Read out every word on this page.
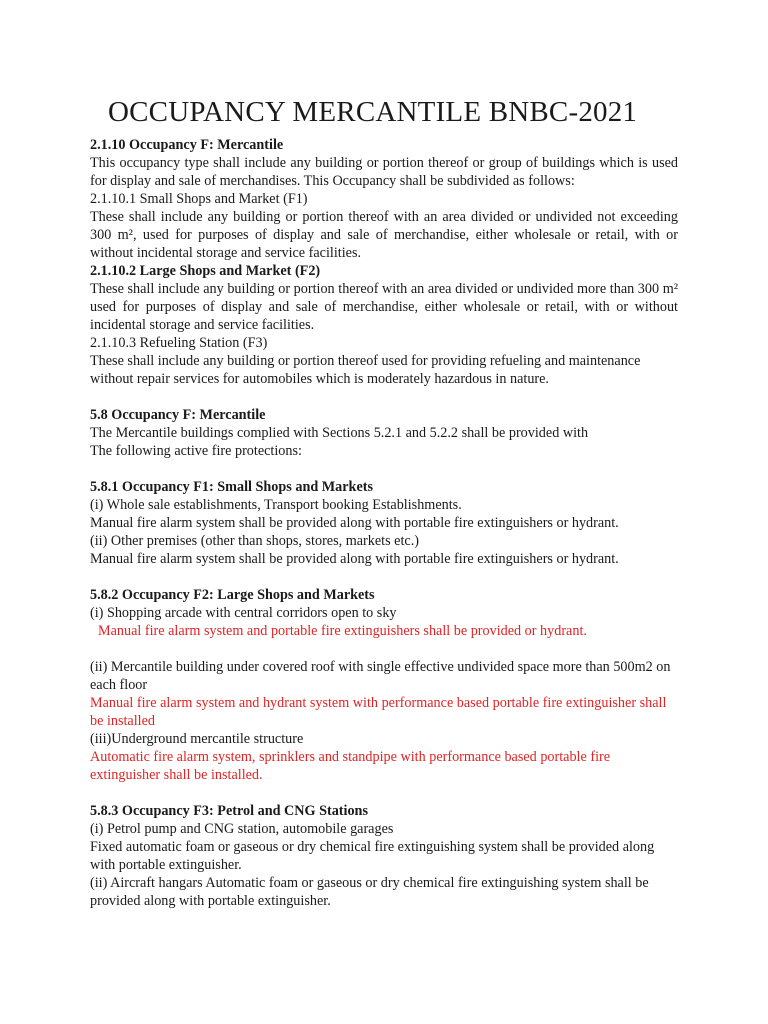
OCCUPANCY MERCANTILE BNBC-2021

2.1.10 Occupancy F: Mercantile

This occupancy type shall include any building or portion thereof or group of buildings which is used for display and sale of merchandises. This Occupancy shall be subdivided as follows:

2.1.10.1 Small Shops and Market (F1)

These shall include any building or portion thereof with an area divided or undivided not exceeding 300 m², used for purposes of display and sale of merchandise, either wholesale or retail, with or without incidental storage and service facilities.

2.1.10.2 Large Shops and Market (F2)

These shall include any building or portion thereof with an area divided or undivided more than 300 m² used for purposes of display and sale of merchandise, either wholesale or retail, with or without incidental storage and service facilities.

2.1.10.3 Refueling Station (F3)

These shall include any building or portion thereof used for providing refueling and maintenance without repair services for automobiles which is moderately hazardous in nature.

5.8 Occupancy F: Mercantile

The Mercantile buildings complied with Sections 5.2.1 and 5.2.2 shall be provided with

The following active fire protections:

5.8.1 Occupancy F1: Small Shops and Markets

(i) Whole sale establishments, Transport booking Establishments.

Manual fire alarm system shall be provided along with portable fire extinguishers or hydrant.

(ii) Other premises (other than shops, stores, markets etc.)

Manual fire alarm system shall be provided along with portable fire extinguishers or hydrant.

5.8.2 Occupancy F2: Large Shops and Markets

(i) Shopping arcade with central corridors open to sky

Manual fire alarm system and portable fire extinguishers shall be provided or hydrant.

(ii) Mercantile building under covered roof with single effective undivided space more than 500m2 on each floor

Manual fire alarm system and hydrant system with performance based portable fire extinguisher shall be installed

(iii)Underground mercantile structure

Automatic fire alarm system, sprinklers and standpipe with performance based portable fire extinguisher shall be installed.

5.8.3 Occupancy F3: Petrol and CNG Stations

(i) Petrol pump and CNG station, automobile garages

Fixed automatic foam or gaseous or dry chemical fire extinguishing system shall be provided along with portable extinguisher.

(ii) Aircraft hangars Automatic foam or gaseous or dry chemical fire extinguishing system shall be provided along with portable extinguisher.
